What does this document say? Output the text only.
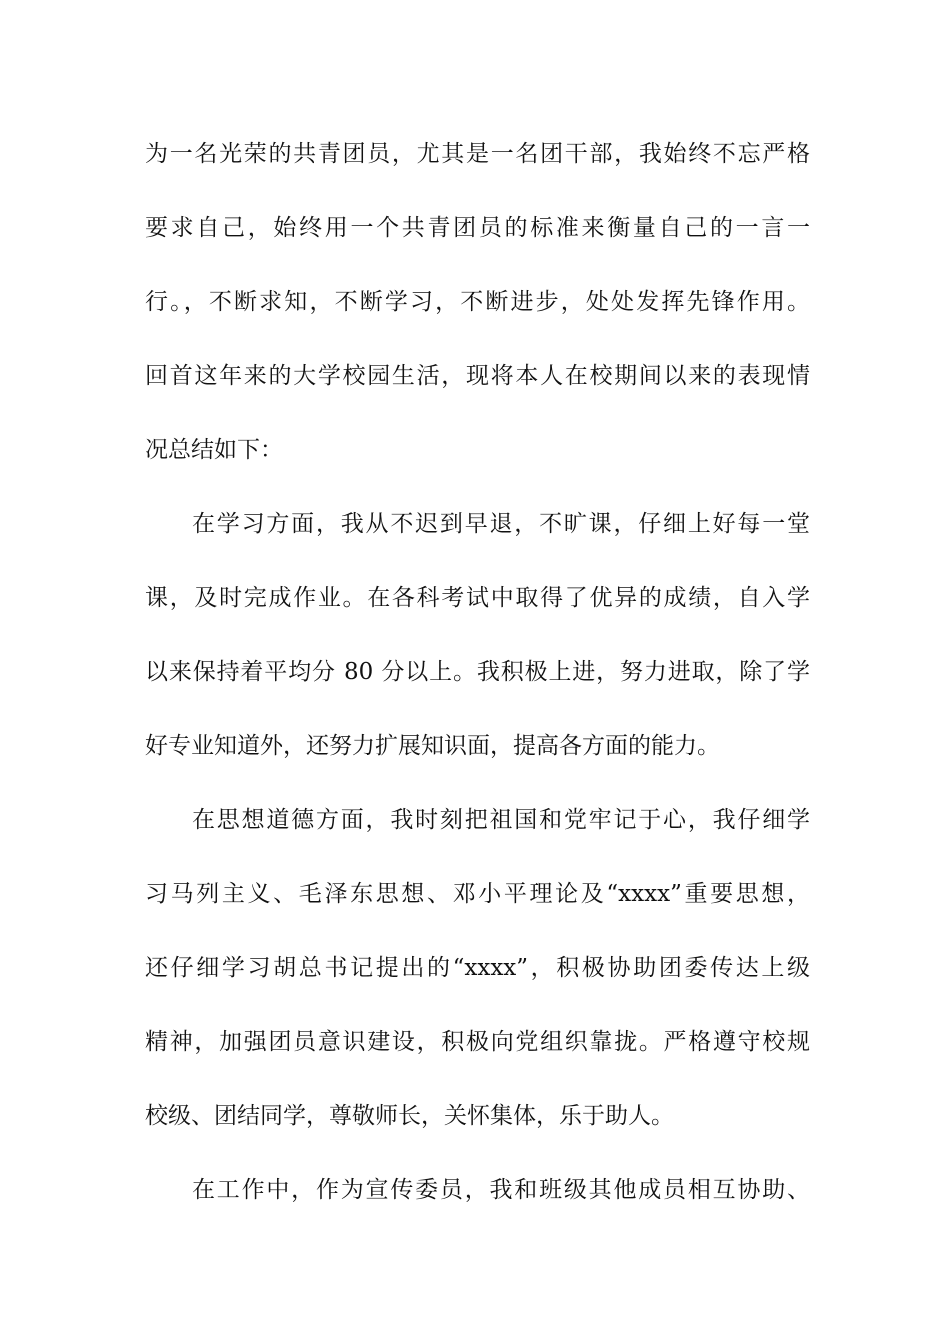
为一名光荣的共青团员，尤其是一名团干部，我始终不忘严格
要求自己，始终用一个共青团员的标准来衡量自己的一言一
行。，不断求知，不断学习，不断进步，处处发挥先锋作用。
回首这年来的大学校园生活，现将本人在校期间以来的表现情
况总结如下：
在学习方面，我从不迟到早退，不旷课，仔细上好每一堂
课，及时完成作业。在各科考试中取得了优异的成绩，自入学
以来保持着平均分 80 分以上。我积极上进，努力进取，除了学
好专业知道外，还努力扩展知识面，提高各方面的能力。
在思想道德方面，我时刻把祖国和党牢记于心，我仔细学
习马列主义、毛泽东思想、邓小平理论及“xxxx”重要思想，
还仔细学习胡总书记提出的“xxxx”，积极协助团委传达上级
精神，加强团员意识建设，积极向党组织靠拢。严格遵守校规
校级、团结同学，尊敬师长，关怀集体，乐于助人。
在工作中，作为宣传委员，我和班级其他成员相互协助、
